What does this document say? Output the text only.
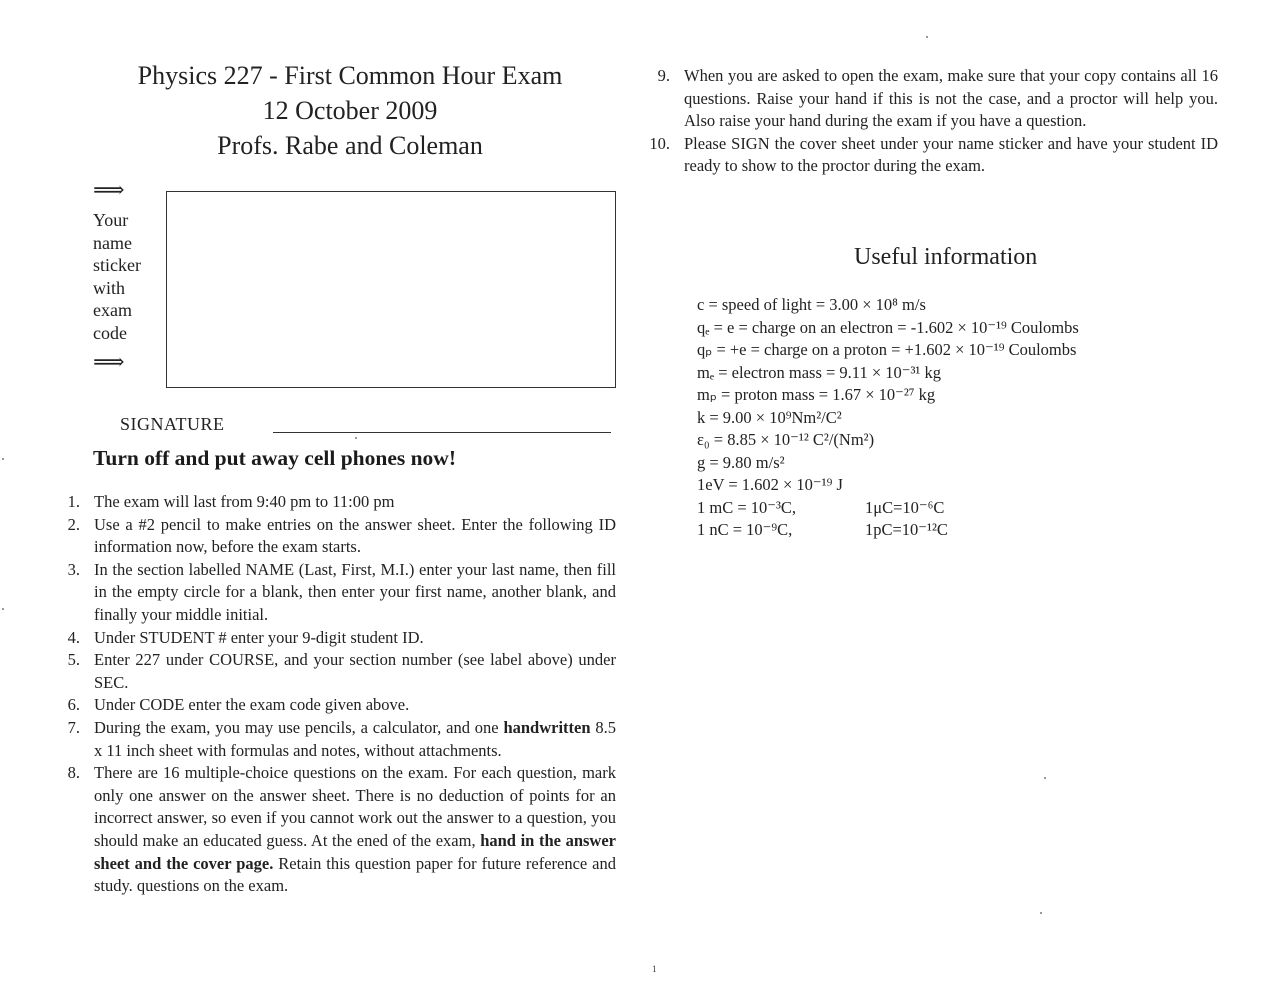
Physics 227 - First Common Hour Exam
12 October 2009
Profs. Rabe and Coleman
⟹
Your
name
sticker
with
exam
code
⟹
SIGNATURE
Turn off and put away cell phones now!
1. The exam will last from 9:40 pm to 11:00 pm
2. Use a #2 pencil to make entries on the answer sheet. Enter the following ID information now, before the exam starts.
3. In the section labelled NAME (Last, First, M.I.) enter your last name, then fill in the empty circle for a blank, then enter your first name, another blank, and finally your middle initial.
4. Under STUDENT # enter your 9-digit student ID.
5. Enter 227 under COURSE, and your section number (see label above) under SEC.
6. Under CODE enter the exam code given above.
7. During the exam, you may use pencils, a calculator, and one handwritten 8.5 x 11 inch sheet with formulas and notes, without attachments.
8. There are 16 multiple-choice questions on the exam. For each question, mark only one answer on the answer sheet. There is no deduction of points for an incorrect answer, so even if you cannot work out the answer to a question, you should make an educated guess. At the ened of the exam, hand in the answer sheet and the cover page. Retain this question paper for future reference and study. questions on the exam.
9. When you are asked to open the exam, make sure that your copy contains all 16 questions. Raise your hand if this is not the case, and a proctor will help you. Also raise your hand during the exam if you have a question.
10. Please SIGN the cover sheet under your name sticker and have your student ID ready to show to the proctor during the exam.
Useful information
c = speed of light = 3.00 × 10⁸ m/s
qₑ = e = charge on an electron = -1.602 × 10⁻¹⁹ Coulombs
qₚ = +e = charge on a proton = +1.602 × 10⁻¹⁹ Coulombs
mₑ = electron mass = 9.11 × 10⁻³¹ kg
mₚ = proton mass = 1.67 × 10⁻²⁷ kg
k = 9.00 × 10⁹Nm²/C²
ε₀ = 8.85 × 10⁻¹² C²/(Nm²)
g = 9.80 m/s²
1eV = 1.602 × 10⁻¹⁹ J
1 mC = 10⁻³C,	1μC=10⁻⁶C
1 nC = 10⁻⁹C,	1pC=10⁻¹²C
1
